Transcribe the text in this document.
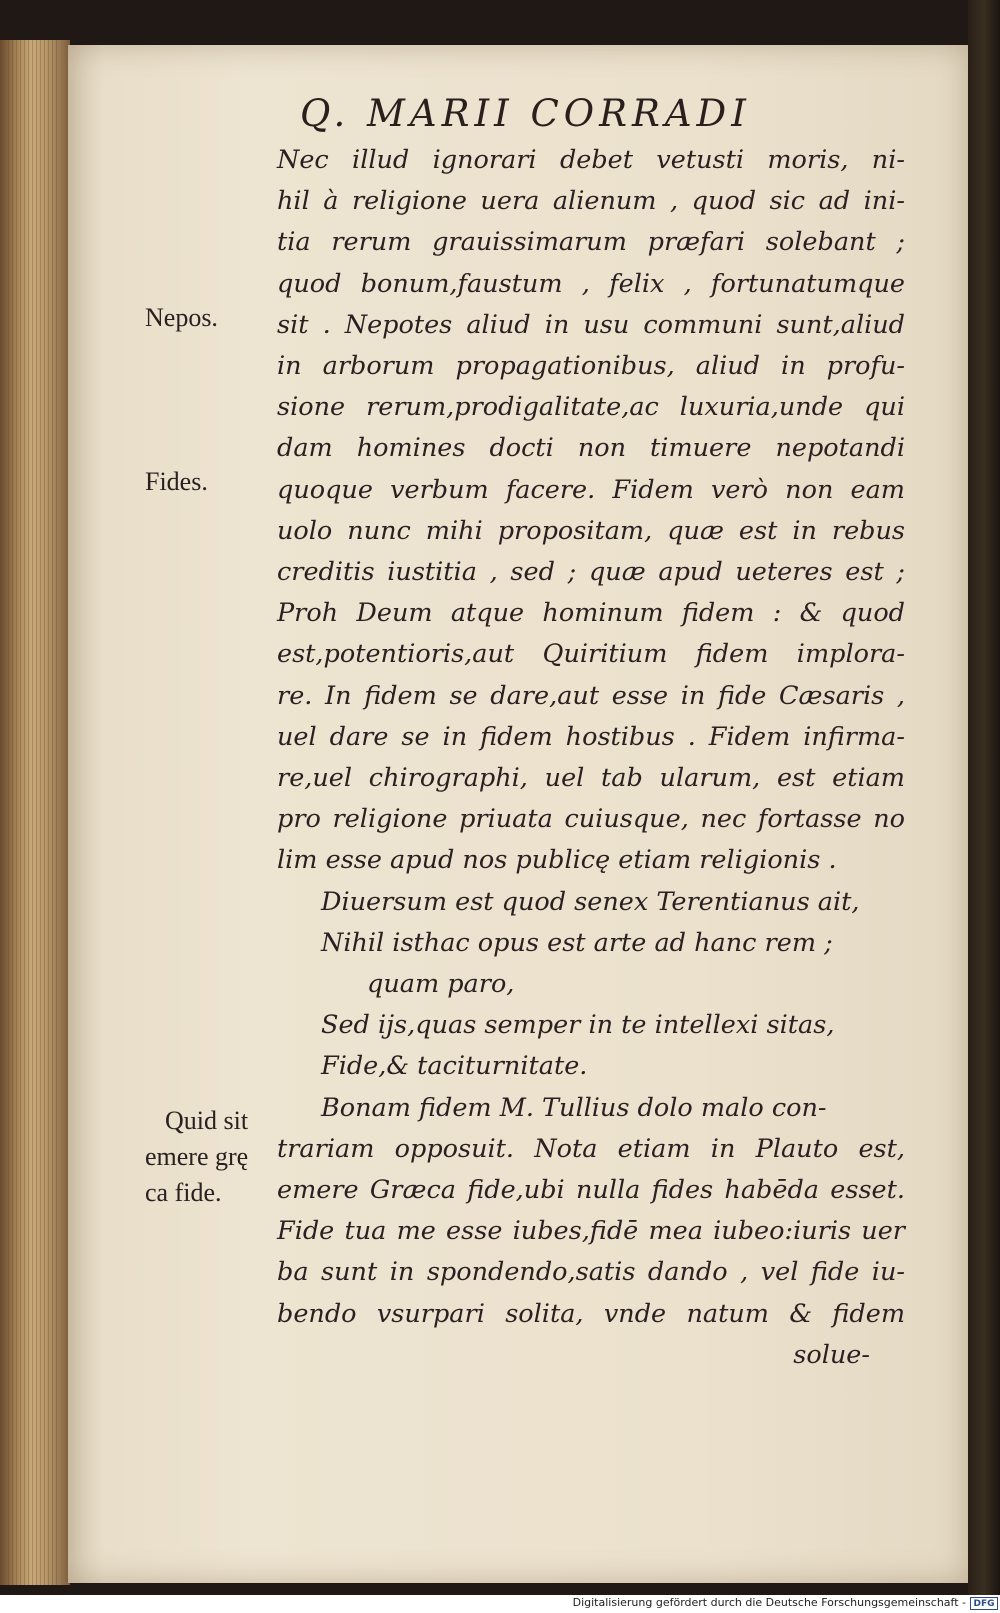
Q. MARII CORRADI
Nec illud ignorari debet vetusti moris, ni-
hil à religione uera alienum , quod sic ad ini-
tia rerum grauissimarum præfari solebant ;
quod bonum,faustum , felix , fortunatumque
sit . Nepotes aliud in usu communi sunt,aliud
in arborum propagationibus, aliud in profu-
sione rerum,prodigalitate,ac luxuria,unde qui
dam homines docti non timuere nepotandi
quoque verbum facere. Fidem verò non eam
uolo nunc mihi propositam, quæ est in rebus
creditis iustitia , sed ; quæ apud ueteres est ;
Proh Deum atque hominum fidem : & quod
est,potentioris,aut Quiritium fidem implora-
re. In fidem se dare,aut esse in fide Cæsaris ,
uel dare se in fidem hostibus . Fidem infirma-
re,uel chirographi, uel tab ularum, est etiam
pro religione priuata cuiusque, nec fortasse no
lim esse apud nos publicę etiam religionis .
Diuersum est quod senex Terentianus ait,
Nihil isthac opus est arte ad hanc rem ;
quam paro,
Sed ijs,quas semper in te intellexi sitas,
Fide,& taciturnitate.
Bonam fidem M. Tullius dolo malo con-
trariam opposuit. Nota etiam in Plauto est,
emere Græca fide,ubi nulla fides habēda esset.
Fide tua me esse iubes,fidē mea iubeo:iuris uer
ba sunt in spondendo,satis dando , vel fide iu-
bendo vsurpari solita, vnde natum & fidem
solue-
Nepos.
Fides.
Quid sit
emere grę
ca fide.
Digitalisierung gefördert durch die Deutsche Forschungsgemeinschaft - DFG
